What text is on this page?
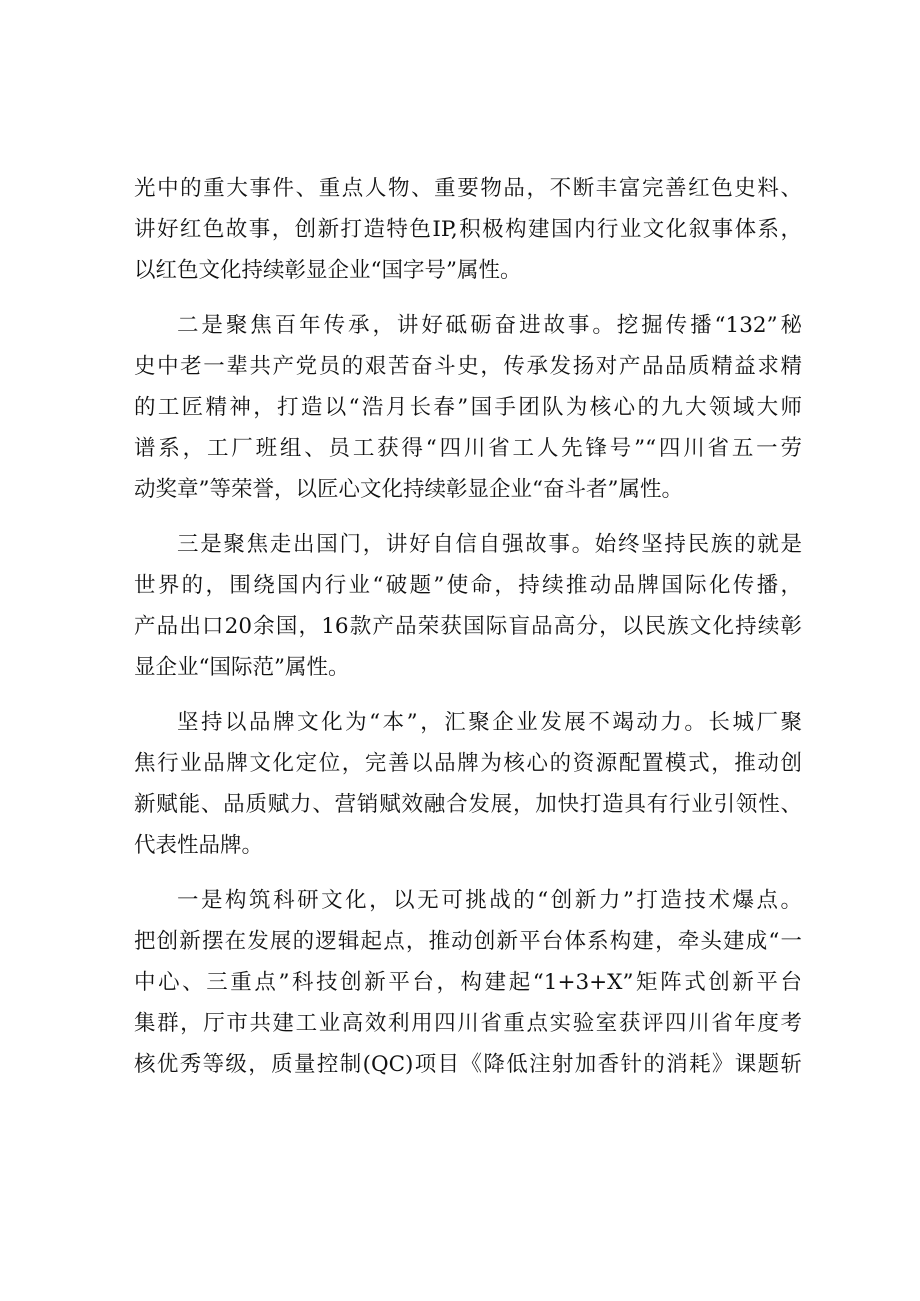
光中的重大事件、重点人物、重要物品，不断丰富完善红色史料、
讲好红色故事，创新打造特色IP,积极构建国内行业文化叙事体系，
以红色文化持续彰显企业“国字号”属性。

二是聚焦百年传承，讲好砥砺奋进故事。挖掘传播“132”秘
史中老一辈共产党员的艰苦奋斗史，传承发扬对产品品质精益求精
的工匠精神，打造以“浩月长春”国手团队为核心的九大领域大师
谱系，工厂班组、员工获得“四川省工人先锋号”“四川省五一劳
动奖章”等荣誉，以匠心文化持续彰显企业“奋斗者”属性。

三是聚焦走出国门，讲好自信自强故事。始终坚持民族的就是
世界的，围绕国内行业“破题”使命，持续推动品牌国际化传播，
产品出口20余国，16款产品荣获国际盲品高分，以民族文化持续彰
显企业“国际范”属性。

坚持以品牌文化为“本”，汇聚企业发展不竭动力。长城厂聚
焦行业品牌文化定位，完善以品牌为核心的资源配置模式，推动创
新赋能、品质赋力、营销赋效融合发展，加快打造具有行业引领性、
代表性品牌。

一是构筑科研文化，以无可挑战的“创新力”打造技术爆点。
把创新摆在发展的逻辑起点，推动创新平台体系构建，牵头建成“一
中心、三重点”科技创新平台，构建起“1+3+X”矩阵式创新平台
集群，厅市共建工业高效利用四川省重点实验室获评四川省年度考
核优秀等级，质量控制(QC)项目《降低注射加香针的消耗》课题斩
